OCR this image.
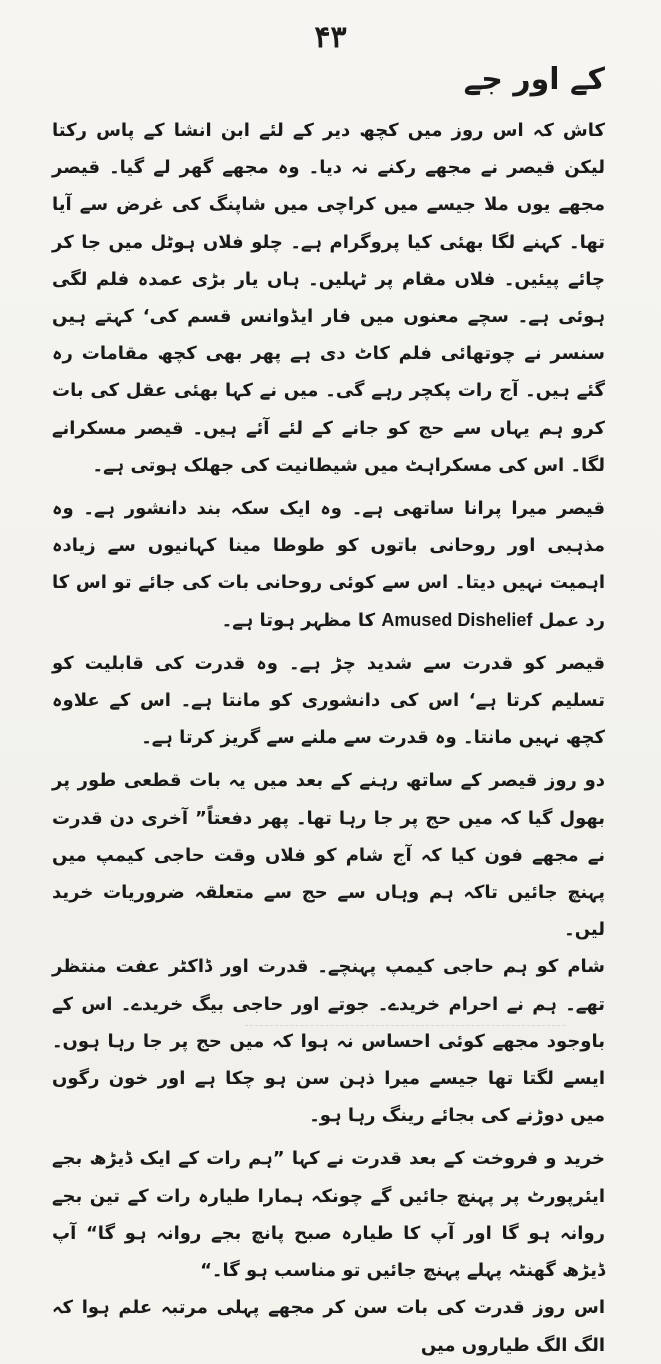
۴۳
کے اور جے

کاش کہ اس روز میں کچھ دیر کے لئے ابن انشا کے پاس رکتا لیکن قیصر نے مجھے رکنے نہ دیا۔ وہ مجھے گھر لے گیا۔ قیصر مجھے یوں ملا جیسے میں کراچی میں شاپنگ کی غرض سے آیا تھا۔ کہنے لگا بھئی کیا پروگرام ہے۔ چلو فلاں ہوٹل میں جا کر چائے پیئیں۔ فلاں مقام پر ٹہلیں۔ ہاں یار بڑی عمدہ فلم لگی ہوئی ہے۔ سچے معنوں میں فار ایڈوانس قسم کی‘ کہتے ہیں سنسر نے چوتھائی فلم کاٹ دی ہے پھر بھی کچھ مقامات رہ گئے ہیں۔ آج رات پکچر رہے گی۔ میں نے کہا بھئی عقل کی بات کرو ہم یہاں سے حج کو جانے کے لئے آئے ہیں۔ قیصر مسکرانے لگا۔ اس کی مسکراہٹ میں شیطانیت کی جھلک ہوتی ہے۔

قیصر میرا پرانا ساتھی ہے۔ وہ ایک سکہ بند دانشور ہے۔ وہ مذہبی اور روحانی باتوں کو طوطا مینا کہانیوں سے زیادہ اہمیت نہیں دیتا۔ اس سے کوئی روحانی بات کی جائے تو اس کا رد عمل Amused Dishelief کا مظہر ہوتا ہے۔

قیصر کو قدرت سے شدید چڑ ہے۔ وہ قدرت کی قابلیت کو تسلیم کرتا ہے‘ اس کی دانشوری کو مانتا ہے۔ اس کے علاوہ کچھ نہیں مانتا۔ وہ قدرت سے ملنے سے گریز کرتا ہے۔

دو روز قیصر کے ساتھ رہنے کے بعد میں یہ بات قطعی طور پر بھول گیا کہ میں حج پر جا رہا تھا۔ پھر دفعتاً” آخری دن قدرت نے مجھے فون کیا کہ آج شام کو فلاں وقت حاجی کیمپ میں پہنچ جائیں تاکہ ہم وہاں سے حج سے متعلقہ ضروریات خرید لیں۔

شام کو ہم حاجی کیمپ پہنچے۔ قدرت اور ڈاکٹر عفت منتظر تھے۔ ہم نے احرام خریدے۔ جوتے اور حاجی بیگ خریدے۔ اس کے باوجود مجھے کوئی احساس نہ ہوا کہ میں حج پر جا رہا ہوں۔ ایسے لگتا تھا جیسے میرا ذہن سن ہو چکا ہے اور خون رگوں میں دوڑنے کی بجائے رینگ رہا ہو۔

خرید و فروخت کے بعد قدرت نے کہا ”ہم رات کے ایک ڈیڑھ بجے ایئرپورٹ پر پہنچ جائیں گے چونکہ ہمارا طیارہ رات کے تین بجے روانہ ہو گا اور آپ کا طیارہ صبح پانچ بجے روانہ ہو گا“ آپ ڈیڑھ گھنٹہ پہلے پہنچ جائیں تو مناسب ہو گا۔“

اس روز قدرت کی بات سن کر مجھے پہلی مرتبہ علم ہوا کہ الگ الگ طیاروں میں
